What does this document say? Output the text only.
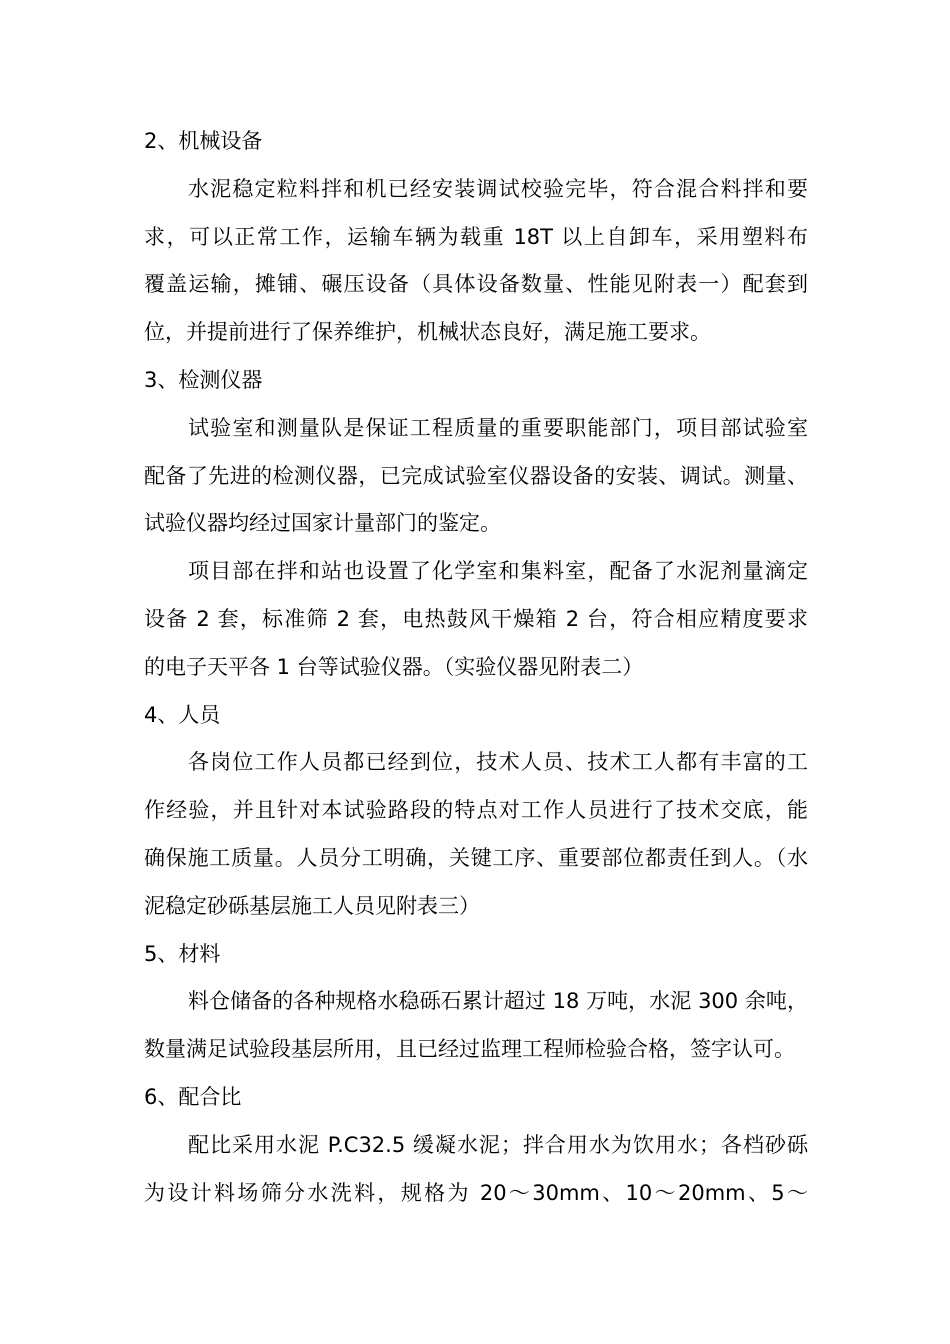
2、机械设备
水泥稳定粒料拌和机已经安装调试校验完毕，符合混合料拌和要
求，可以正常工作，运输车辆为载重 18T 以上自卸车，采用塑料布
覆盖运输，摊铺、碾压设备（具体设备数量、性能见附表一）配套到
位，并提前进行了保养维护，机械状态良好，满足施工要求。
3、检测仪器
试验室和测量队是保证工程质量的重要职能部门，项目部试验室
配备了先进的检测仪器，已完成试验室仪器设备的安装、调试。测量、
试验仪器均经过国家计量部门的鉴定。
项目部在拌和站也设置了化学室和集料室，配备了水泥剂量滴定
设备 2 套，标准筛 2 套，电热鼓风干燥箱 2 台，符合相应精度要求
的电子天平各 1 台等试验仪器。（实验仪器见附表二）
4、人员
各岗位工作人员都已经到位，技术人员、技术工人都有丰富的工
作经验，并且针对本试验路段的特点对工作人员进行了技术交底，能
确保施工质量。人员分工明确，关键工序、重要部位都责任到人。（水
泥稳定砂砾基层施工人员见附表三）
5、材料
料仓储备的各种规格水稳砾石累计超过 18 万吨，水泥 300 余吨，
数量满足试验段基层所用，且已经过监理工程师检验合格，签字认可。
6、配合比
配比采用水泥 P.C32.5 缓凝水泥；拌合用水为饮用水；各档砂砾
为设计料场筛分水洗料，规格为 20～30mm、10～20mm、5～
